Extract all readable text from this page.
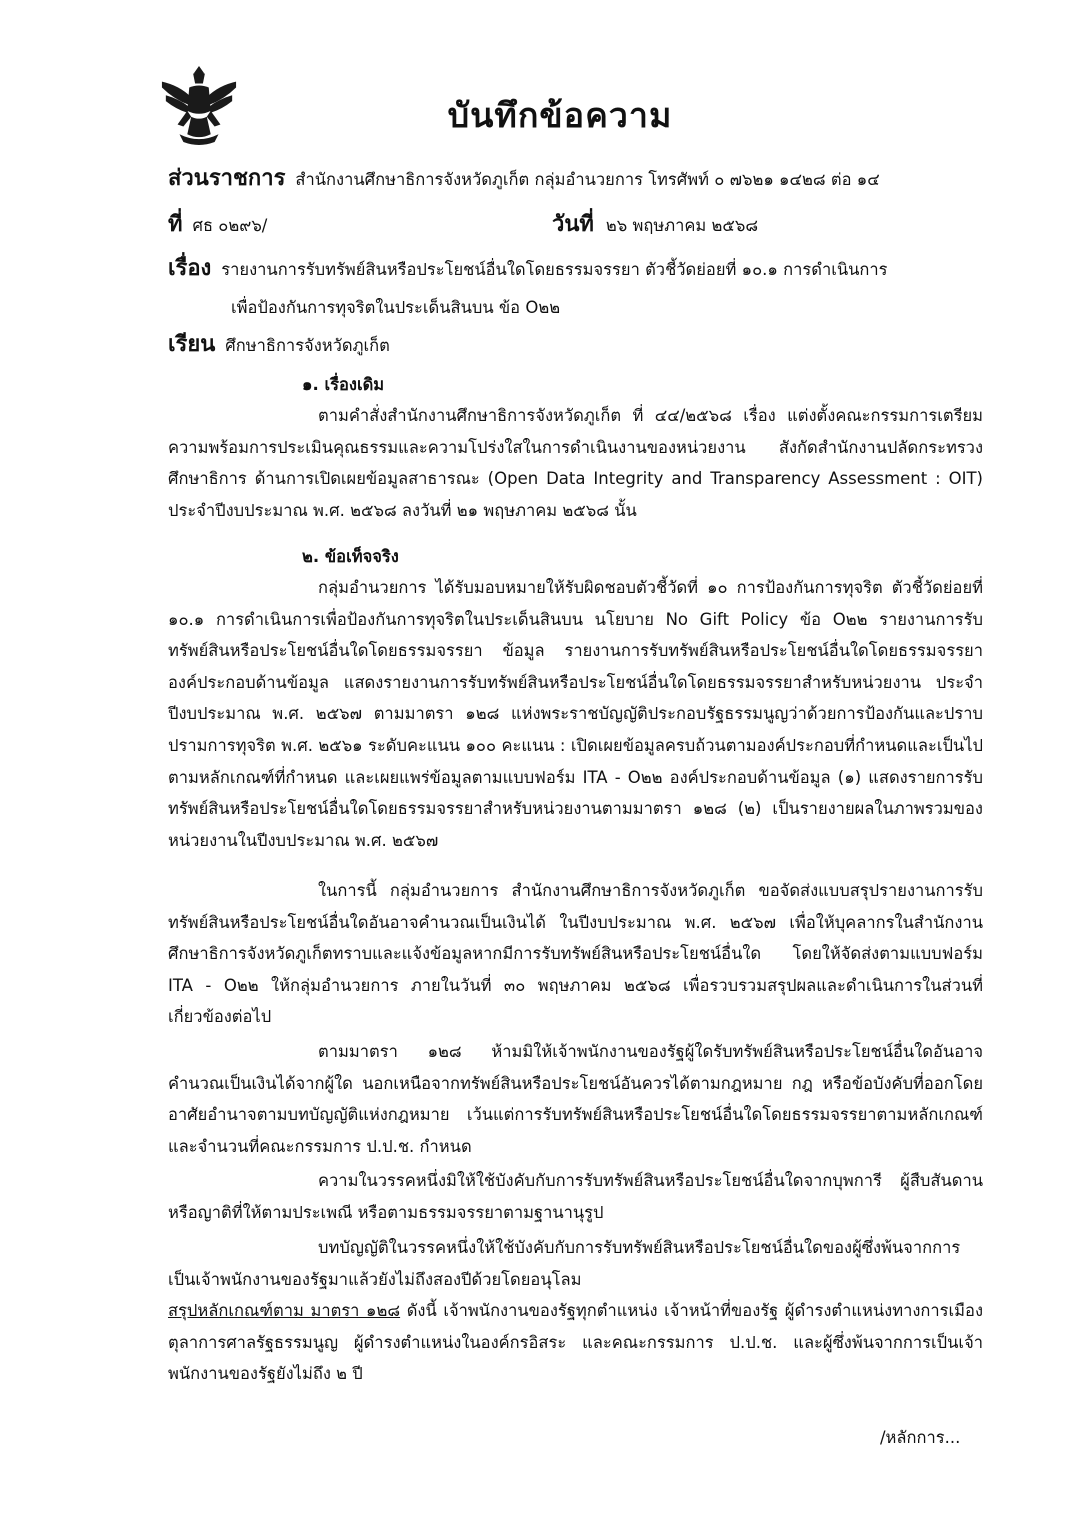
บันทึกข้อความ
ส่วนราชการ สำนักงานศึกษาธิการจังหวัดภูเก็ต กลุ่มอำนวยการ โทรศัพท์ ๐ ๗๖๒๑ ๑๔๒๘ ต่อ ๑๔
ที่ ศธ ๐๒๙๖/	วันที่ ๒๖ พฤษภาคม ๒๕๖๘
เรื่อง รายงานการรับทรัพย์สินหรือประโยชน์อื่นใดโดยธรรมจรรยา ตัวชี้วัดย่อยที่ ๑๐.๑ การดำเนินการ
เพื่อป้องกันการทุจริตในประเด็นสินบน ข้อ O๒๒
เรียน ศึกษาธิการจังหวัดภูเก็ต
๑. เรื่องเดิม
ตามคำสั่งสำนักงานศึกษาธิการจังหวัดภูเก็ต ที่ ๔๔/๒๕๖๘ เรื่อง แต่งตั้งคณะกรรมการเตรียมความพร้อมการประเมินคุณธรรมและความโปร่งใสในการดำเนินงานของหน่วยงาน สังกัดสำนักงานปลัดกระทรวงศึกษาธิการ ด้านการเปิดเผยข้อมูลสาธารณะ (Open Data Integrity and Transparency Assessment : OIT) ประจำปีงบประมาณ พ.ศ. ๒๕๖๘ ลงวันที่ ๒๑ พฤษภาคม ๒๕๖๘ นั้น
๒. ข้อเท็จจริง
กลุ่มอำนวยการ ได้รับมอบหมายให้รับผิดชอบตัวชี้วัดที่ ๑๐ การป้องกันการทุจริต ตัวชี้วัดย่อยที่ ๑๐.๑ การดำเนินการเพื่อป้องกันการทุจริตในประเด็นสินบน นโยบาย No Gift Policy ข้อ O๒๒ รายงานการรับทรัพย์สินหรือประโยชน์อื่นใดโดยธรรมจรรยา ข้อมูล รายงานการรับทรัพย์สินหรือประโยชน์อื่นใดโดยธรรมจรรยา องค์ประกอบด้านข้อมูล แสดงรายงานการรับทรัพย์สินหรือประโยชน์อื่นใดโดยธรรมจรรยาสำหรับหน่วยงาน ประจำปีงบประมาณ พ.ศ. ๒๕๖๗ ตามมาตรา ๑๒๘ แห่งพระราชบัญญัติประกอบรัฐธรรมนูญว่าด้วยการป้องกันและปราบปรามการทุจริต พ.ศ. ๒๕๖๑ ระดับคะแนน ๑๐๐ คะแนน : เปิดเผยข้อมูลครบถ้วนตามองค์ประกอบที่กำหนดและเป็นไปตามหลักเกณฑ์ที่กำหนด และเผยแพร่ข้อมูลตามแบบฟอร์ม ITA - O๒๒ องค์ประกอบด้านข้อมูล (๑) แสดงรายการรับทรัพย์สินหรือประโยชน์อื่นใดโดยธรรมจรรยาสำหรับหน่วยงานตามมาตรา ๑๒๘ (๒) เป็นรายงายผลในภาพรวมของหน่วยงานในปีงบประมาณ พ.ศ. ๒๕๖๗
ในการนี้ กลุ่มอำนวยการ สำนักงานศึกษาธิการจังหวัดภูเก็ต ขอจัดส่งแบบสรุปรายงานการรับทรัพย์สินหรือประโยชน์อื่นใดอันอาจคำนวณเป็นเงินได้ ในปีงบประมาณ พ.ศ. ๒๕๖๗ เพื่อให้บุคลากรในสำนักงานศึกษาธิการจังหวัดภูเก็ตทราบและแจ้งข้อมูลหากมีการรับทรัพย์สินหรือประโยชน์อื่นใด โดยให้จัดส่งตามแบบฟอร์ม ITA - O๒๒ ให้กลุ่มอำนวยการ ภายในวันที่ ๓๐ พฤษภาคม ๒๕๖๘ เพื่อรวบรวมสรุปผลและดำเนินการในส่วนที่เกี่ยวข้องต่อไป
ตามมาตรา ๑๒๘ ห้ามมิให้เจ้าพนักงานของรัฐผู้ใดรับทรัพย์สินหรือประโยชน์อื่นใดอันอาจคำนวณเป็นเงินได้จากผู้ใด นอกเหนือจากทรัพย์สินหรือประโยชน์อันควรได้ตามกฎหมาย กฎ หรือข้อบังคับที่ออกโดยอาศัยอำนาจตามบทบัญญัติแห่งกฎหมาย เว้นแต่การรับทรัพย์สินหรือประโยชน์อื่นใดโดยธรรมจรรยาตามหลักเกณฑ์และจำนวนที่คณะกรรมการ ป.ป.ช. กำหนด
ความในวรรคหนึ่งมิให้ใช้บังคับกับการรับทรัพย์สินหรือประโยชน์อื่นใดจากบุพการี ผู้สืบสันดาน หรือญาติที่ให้ตามประเพณี หรือตามธรรมจรรยาตามฐานานุรูป
บทบัญญัติในวรรคหนึ่งให้ใช้บังคับกับการรับทรัพย์สินหรือประโยชน์อื่นใดของผู้ซึ่งพ้นจากการเป็นเจ้าพนักงานของรัฐมาแล้วยังไม่ถึงสองปีด้วยโดยอนุโลม
สรุปหลักเกณฑ์ตาม มาตรา ๑๒๘ ดังนี้ เจ้าพนักงานของรัฐทุกตำแหน่ง เจ้าหน้าที่ของรัฐ ผู้ดำรงตำแหน่งทางการเมือง ตุลาการศาลรัฐธรรมนูญ ผู้ดำรงตำแหน่งในองค์กรอิสระ และคณะกรรมการ ป.ป.ช. และผู้ซึ่งพ้นจากการเป็นเจ้าพนักงานของรัฐยังไม่ถึง ๒ ปี
/หลักการ...
